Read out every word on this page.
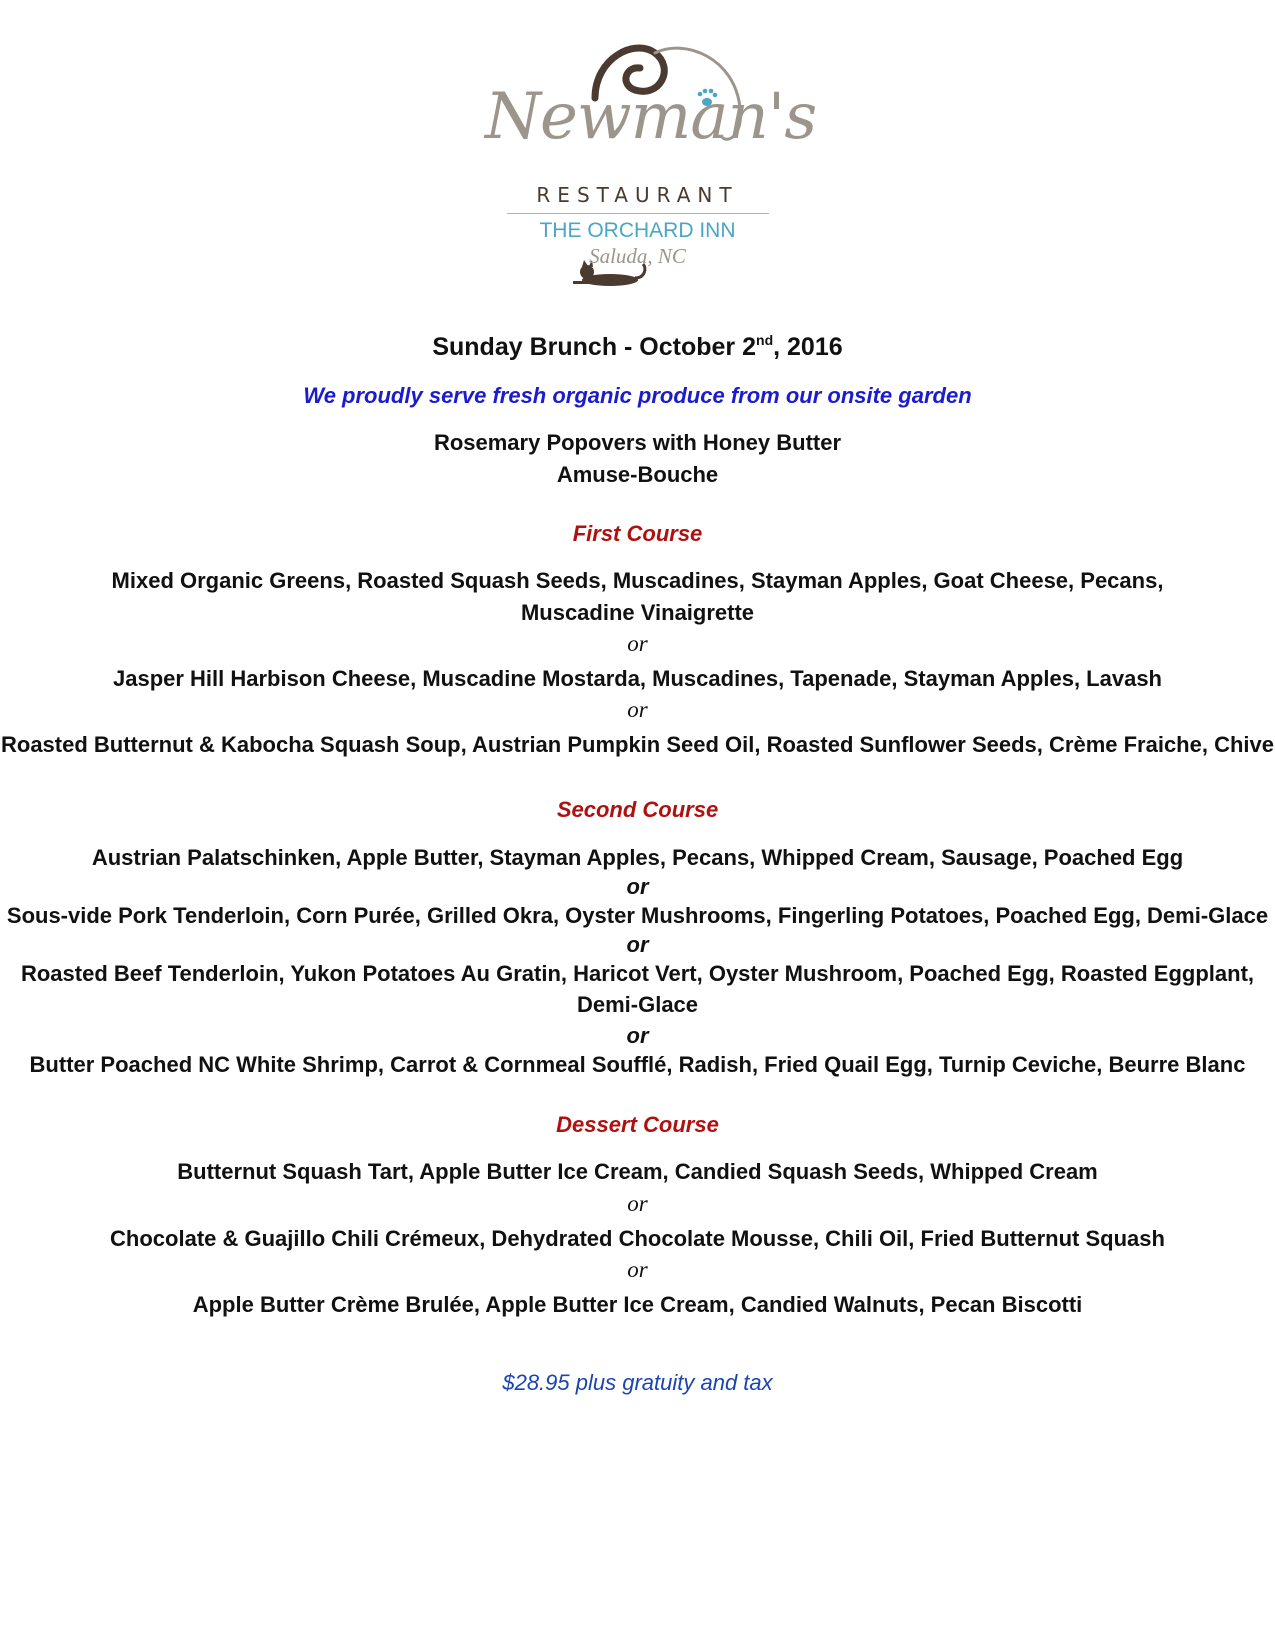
Newman's
RESTAURANT
THE ORCHARD INN
Saluda, NC
Sunday Brunch - October 2nd, 2016
We proudly serve fresh organic produce from our onsite garden
Rosemary Popovers with Honey Butter
Amuse-Bouche
First Course
Mixed Organic Greens, Roasted Squash Seeds, Muscadines, Stayman Apples, Goat Cheese, Pecans,
Muscadine Vinaigrette
or
Jasper Hill Harbison Cheese, Muscadine Mostarda, Muscadines, Tapenade, Stayman Apples, Lavash
or
Roasted Butternut & Kabocha Squash Soup, Austrian Pumpkin Seed Oil, Roasted Sunflower Seeds, Crème Fraiche, Chive
Second Course
Austrian Palatschinken, Apple Butter, Stayman Apples, Pecans, Whipped Cream, Sausage, Poached Egg
or
Sous-vide Pork Tenderloin, Corn Purée, Grilled Okra, Oyster Mushrooms, Fingerling Potatoes, Poached Egg, Demi-Glace
or
Roasted Beef Tenderloin, Yukon Potatoes Au Gratin, Haricot Vert, Oyster Mushroom, Poached Egg, Roasted Eggplant,
Demi-Glace
or
Butter Poached NC White Shrimp, Carrot & Cornmeal Soufflé, Radish, Fried Quail Egg, Turnip Ceviche, Beurre Blanc
Dessert Course
Butternut Squash Tart, Apple Butter Ice Cream, Candied Squash Seeds, Whipped Cream
or
Chocolate & Guajillo Chili Crémeux, Dehydrated Chocolate Mousse, Chili Oil, Fried Butternut Squash
or
Apple Butter Crème Brulée, Apple Butter Ice Cream, Candied Walnuts, Pecan Biscotti
$28.95 plus gratuity and tax
